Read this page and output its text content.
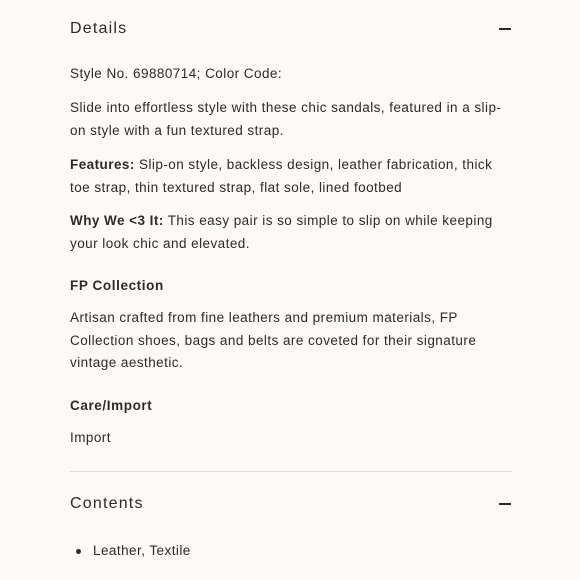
Details

Style No. 69880714; Color Code:

Slide into effortless style with these chic sandals, featured in a slip-on style with a fun textured strap.

Features: Slip-on style, backless design, leather fabrication, thick toe strap, thin textured strap, flat sole, lined footbed

Why We <3 It: This easy pair is so simple to slip on while keeping your look chic and elevated.

FP Collection

Artisan crafted from fine leathers and premium materials, FP Collection shoes, bags and belts are coveted for their signature vintage aesthetic.

Care/Import

Import

Contents
Leather, Textile
